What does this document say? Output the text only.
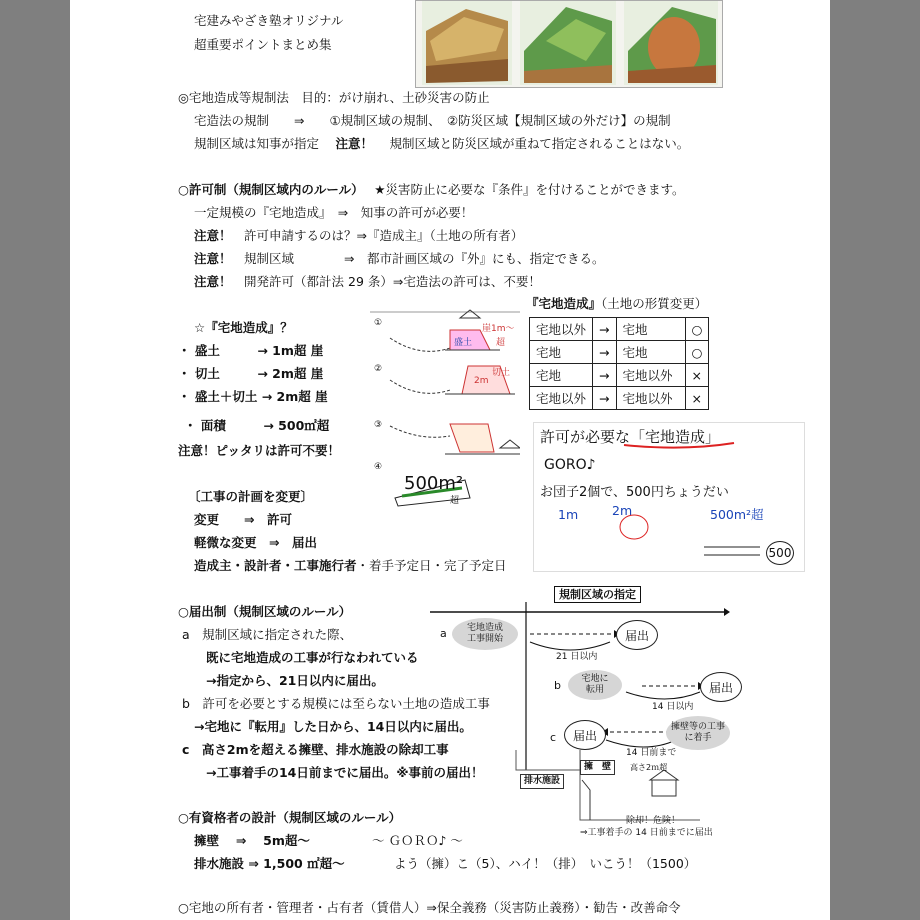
宅建みやざき塾オリジナル
超重要ポイントまとめ集
◎宅地造成等規制法　目的：がけ崩れ、土砂災害の防止
宅造法の規制　　⇒　　①規制区域の規制、　②防災区域【規制区域の外だけ】の規制
規制区域は知事が指定　 注意！　 規制区域と防災区域が重ねて指定されることはない。
○許可制（規制区域内のルール）　 ★災害防止に必要な『条件』を付けることができます。
一定規模の『宅地造成』　⇒　知事の許可が必要！
注意！　 許可申請するのは？⇒『造成主』（土地の所有者）
注意！　 規制区域　　　　⇒　都市計画区域の『外』にも、指定できる。
注意！　 開発許可（都計法 29 条）⇒宅造法の許可は、不要！
☆『宅地造成』？
・ 盛土　　　→ 1m超 崖
・ 切土　　　→ 2m超 崖
・ 盛土＋切土 → 2m超 崖
・ 面積　　　→ 500㎡超
注意！ピッタリは許可不要！
①
②
③
④
崖1m～
超
盛土
切土
2m
500m²
超
『宅地造成』（土地の形質変更）
宅地以外	→	宅地	○
宅地	→	宅地	○
宅地	→	宅地以外	×
宅地以外	→	宅地以外	×
許可が必要な「宅地造成」
GORO♪
お団子2個で、500円ちょうだい
1m	2m	500m²超
500
〔工事の計画を変更〕
変更　　⇒　許可
軽微な変更　⇒　届出
造成主・設計者・工事施行者・着手予定日・完了予定日
○届出制（規制区域のルール）
a　規制区域に指定された際、
既に宅地造成の工事が行なわれている
→指定から、21日以内に届出。
b　許可を必要とする規模には至らない土地の造成工事
→宅地に『転用』した日から、14日以内に届出。
c　高さ2mを超える擁壁、排水施設の除却工事
→工事着手の14日前までに届出。※事前の届出！
規制区域の指定
a	宅地造成
工事開始	届出
21 日以内
b	宅地に
転用	届出
14 日以内
c	届出
擁壁等の工事
に着手
14 日前まで
擁　壁	高さ2ｍ超
排水施設
除却！危険！
⇒工事着手の 14 日前までに届出
○有資格者の設計（規制区域のルール）
擁壁　 ⇒　 5m超～	～ ＧＯＲＯ♪ ～
排水施設 ⇒ 1,500 ㎡超～	よう（擁）こ（5）、ハイ！（排）　いこう！（1500）
○宅地の所有者・管理者・占有者（賃借人）⇒保全義務（災害防止義務）・勧告・改善命令
